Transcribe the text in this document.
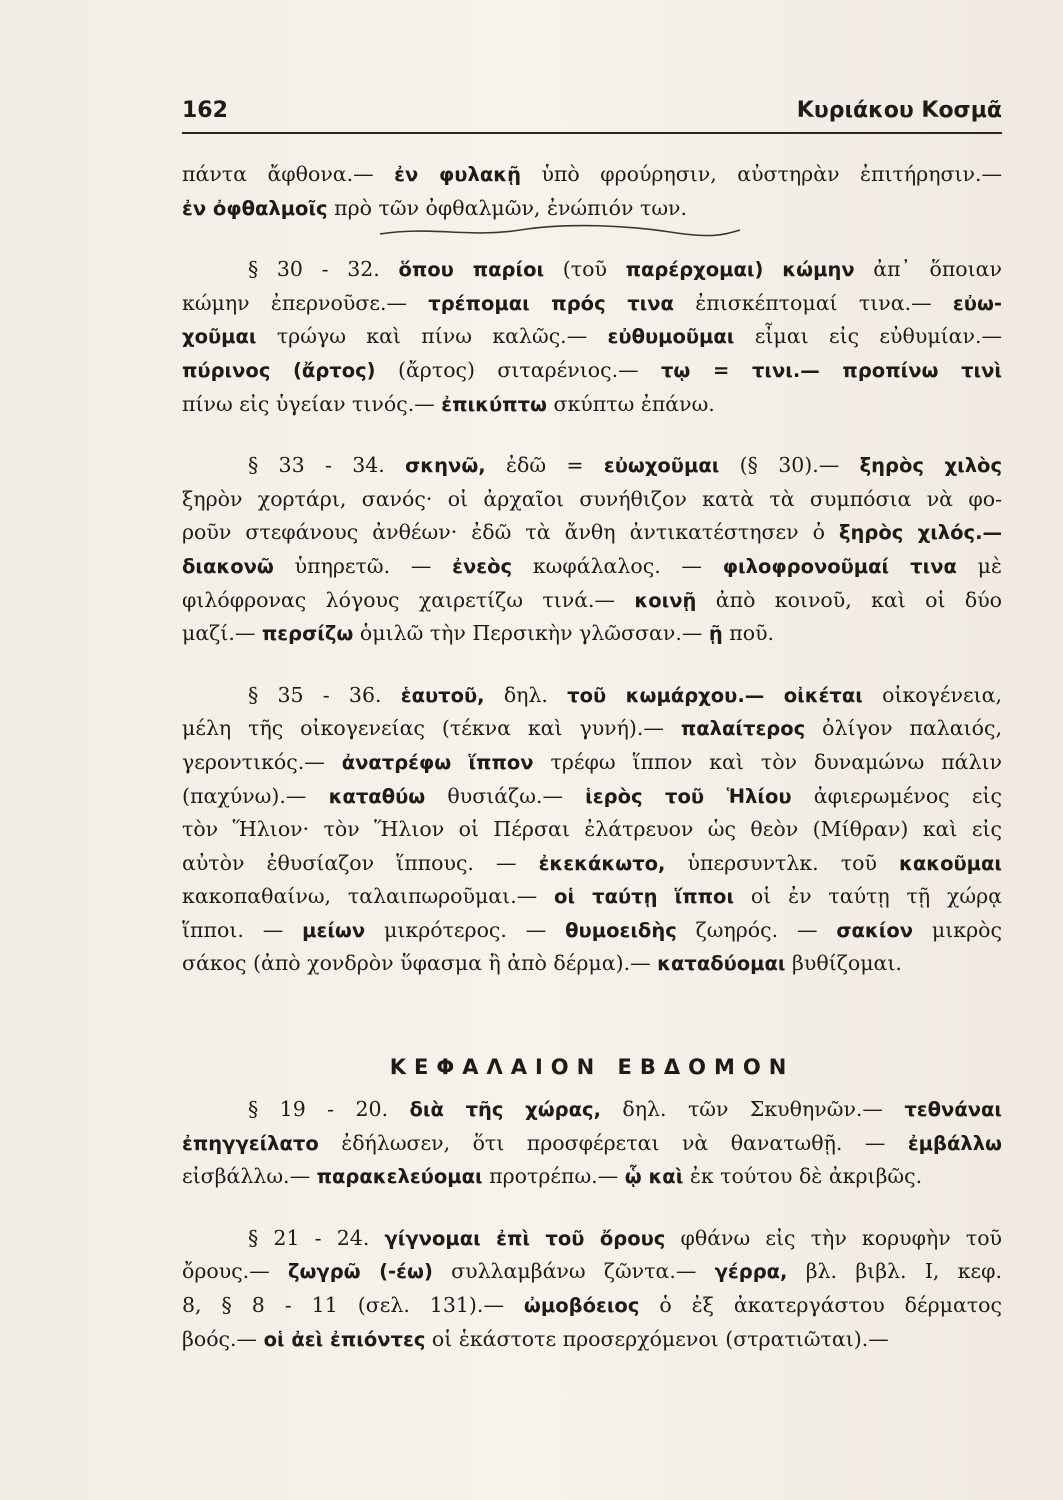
162	Κυριάκου Κοσμᾶ
πάντα ἄφθονα.— ἐν φυλακῇ ὑπὸ φρούρησιν, αὐστηρὰν ἐπιτήρησιν.—
ἐν ὀφθαλμοῖς πρὸ τῶν ὀφθαλμῶν, ἐνώπιόν των.
§ 30 - 32. ὅπου παρίοι (τοῦ παρέρχομαι) κώμην ἀπ᾽ ὅποιαν
κώμην ἐπερνοῦσε.— τρέπομαι πρός τινα ἐπισκέπτομαί τινα.— εὐω-
χοῦμαι τρώγω καὶ πίνω καλῶς.— εὐθυμοῦμαι εἶμαι εἰς εὐθυμίαν.—
πύρινος (ἄρτος) (ἄρτος) σιταρένιος.— τῳ = τινι.— προπίνω τινὶ
πίνω εἰς ὑγείαν τινός.— ἐπικύπτω σκύπτω ἐπάνω.
§ 33 - 34. σκηνῶ, ἐδῶ = εὐωχοῦμαι (§ 30).— ξηρὸς χιλὸς
ξηρὸν χορτάρι, σανός· οἱ ἀρχαῖοι συνήθιζον κατὰ τὰ συμπόσια νὰ φο-
ροῦν στεφάνους ἀνθέων· ἐδῶ τὰ ἄνθη ἀντικατέστησεν ὁ ξηρὸς χιλός.—
διακονῶ ὑπηρετῶ. — ἐνεὸς κωφάλαλος. — φιλοφρονοῦμαί τινα μὲ
φιλόφρονας λόγους χαιρετίζω τινά.— κοινῇ ἀπὸ κοινοῦ, καὶ οἱ δύο
μαζί.— περσίζω ὁμιλῶ τὴν Περσικὴν γλῶσσαν.— ῇ ποῦ.
§ 35 - 36. ἑαυτοῦ, δηλ. τοῦ κωμάρχου.— οἰκέται οἰκογένεια,
μέλη τῆς οἰκογενείας (τέκνα καὶ γυνή).— παλαίτερος ὀλίγον παλαιός,
γεροντικός.— ἀνατρέφω ἵππον τρέφω ἵππον καὶ τὸν δυναμώνω πάλιν
(παχύνω).— καταθύω θυσιάζω.— ἱερὸς τοῦ Ἡλίου ἀφιερωμένος εἰς
τὸν Ἥλιον· τὸν Ἥλιον οἱ Πέρσαι ἐλάτρευον ὡς θεὸν (Μίθραν) καὶ εἰς
αὐτὸν ἐθυσίαζον ἵππους. — ἐκεκάκωτο, ὑπερσυντλκ. τοῦ κακοῦμαι
κακοπαθαίνω, ταλαιπωροῦμαι.— οἱ ταύτῃ ἵπποι οἱ ἐν ταύτῃ τῇ χώρᾳ
ἵπποι. — μείων μικρότερος. — θυμοειδὴς ζωηρός. — σακίον μικρὸς
σάκος (ἀπὸ χονδρὸν ὕφασμα ἢ ἀπὸ δέρμα).— καταδύομαι βυθίζομαι.
ΚΕΦΑΛΑΙΟΝ ΕΒΔΟΜΟΝ
§ 19 - 20. διὰ τῆς χώρας, δηλ. τῶν Σκυθηνῶν.— τεθνάναι
ἐπηγγείλατο ἐδήλωσεν, ὅτι προσφέρεται νὰ θανατωθῇ. — ἐμβάλλω
εἰσβάλλω.— παρακελεύομαι προτρέπω.— ᾧ καὶ ἐκ τούτου δὲ ἀκριβῶς.
§ 21 - 24. γίγνομαι ἐπὶ τοῦ ὄρους φθάνω εἰς τὴν κορυφὴν τοῦ
ὄρους.— ζωγρῶ (-έω) συλλαμβάνω ζῶντα.— γέρρα, βλ. βιβλ. Ι, κεφ.
8, § 8 - 11 (σελ. 131).— ὠμοβόειος ὁ ἐξ ἀκατεργάστου δέρματος
βοός.— οἱ ἀεὶ ἐπιόντες οἱ ἑκάστοτε προσερχόμενοι (στρατιῶται).—
